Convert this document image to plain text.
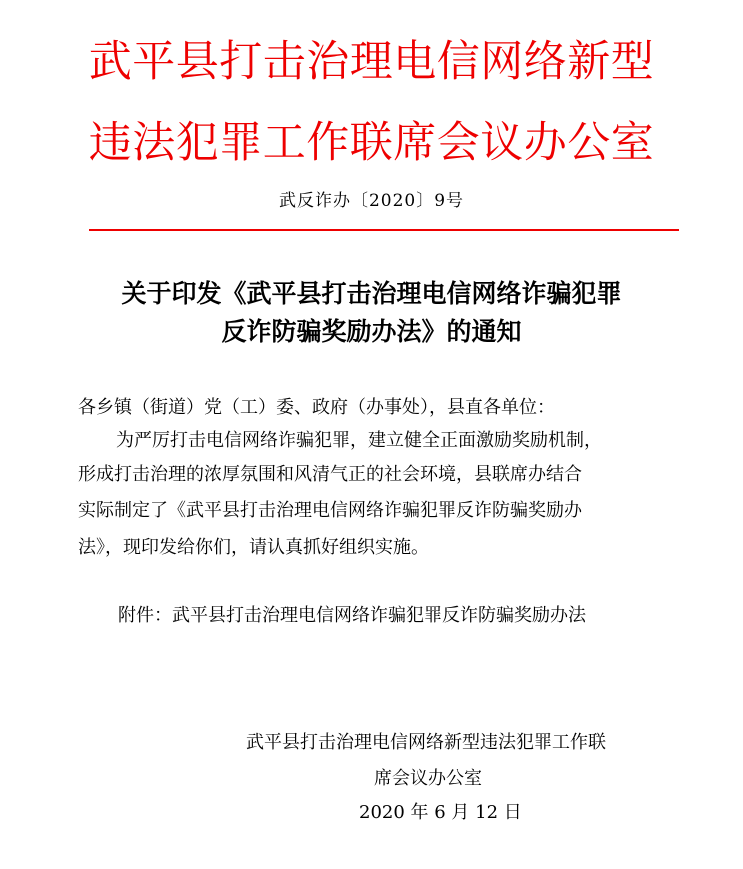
武平县打击治理电信网络新型
违法犯罪工作联席会议办公室
武反诈办〔2020〕9号
关于印发《武平县打击治理电信网络诈骗犯罪
反诈防骗奖励办法》的通知
各乡镇（街道）党（工）委、政府（办事处），县直各单位：
为严厉打击电信网络诈骗犯罪，建立健全正面激励奖励机制，
形成打击治理的浓厚氛围和风清气正的社会环境，县联席办结合
实际制定了《武平县打击治理电信网络诈骗犯罪反诈防骗奖励办
法》，现印发给你们，请认真抓好组织实施。
附件：武平县打击治理电信网络诈骗犯罪反诈防骗奖励办法
武平县打击治理电信网络新型违法犯罪工作联
席会议办公室
2020 年 6 月 12 日
